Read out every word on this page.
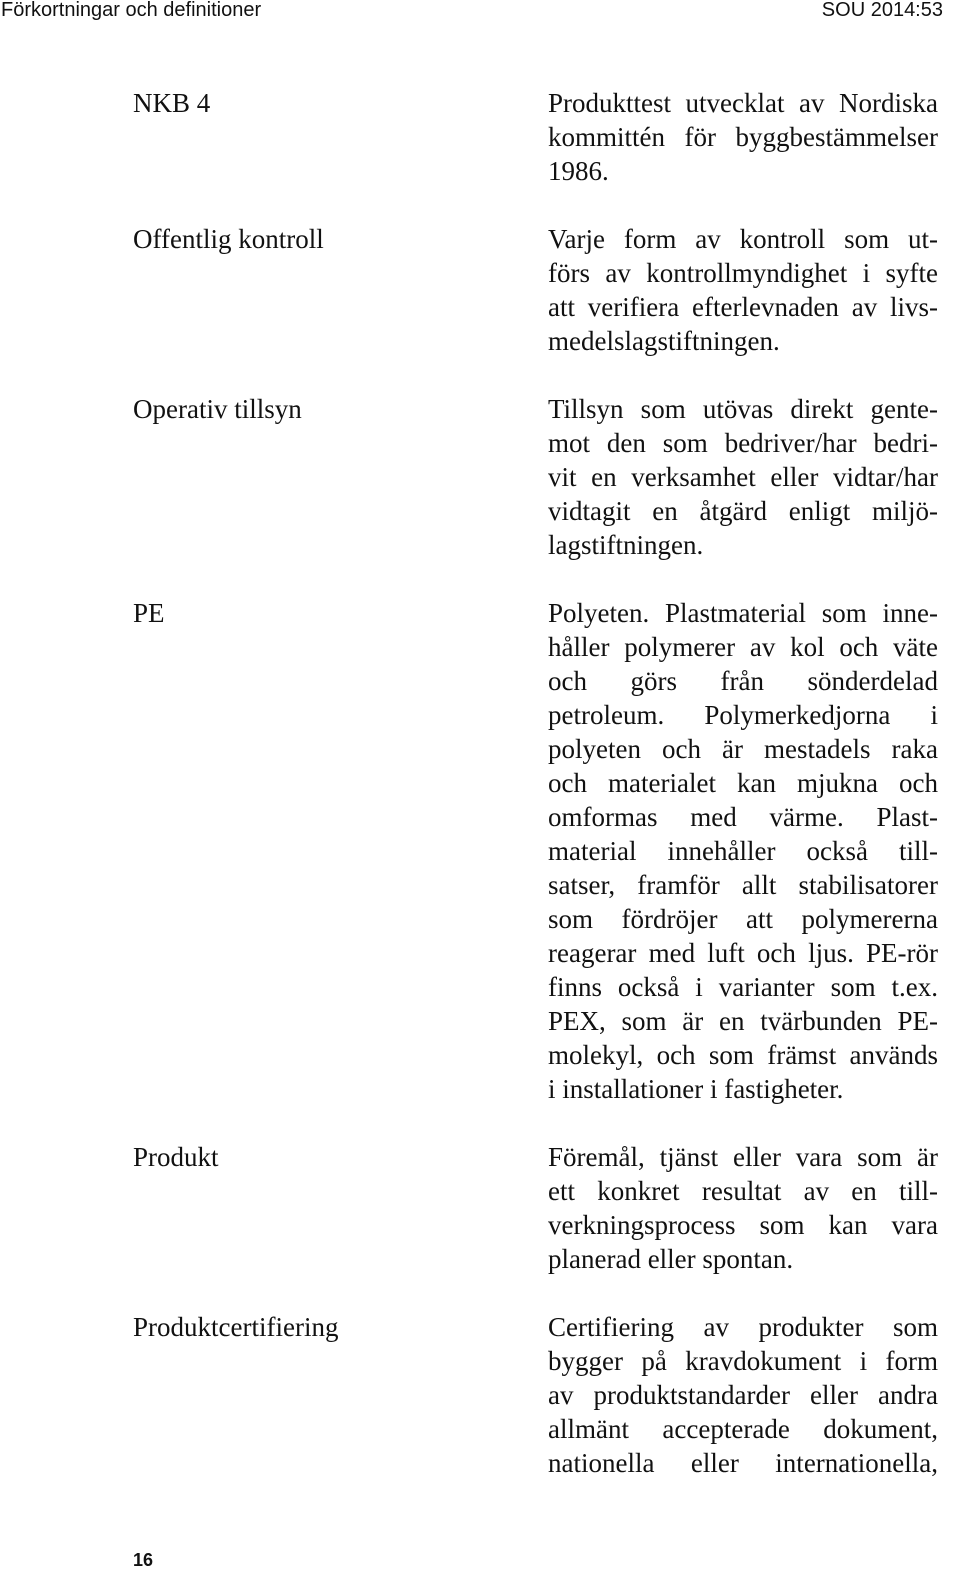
Förkortningar och definitioner	SOU 2014:53
NKB 4	Produkttest utvecklat av Nordiska
kommittén för byggbestämmelser
1986.
Offentlig kontroll	Varje form av kontroll som ut-
förs av kontrollmyndighet i syfte
att verifiera efterlevnaden av livs-
medelslagstiftningen.
Operativ tillsyn	Tillsyn som utövas direkt gente-
mot den som bedriver/har bedri-
vit en verksamhet eller vidtar/har
vidtagit en åtgärd enligt miljö-
lagstiftningen.
PE	Polyeten. Plastmaterial som inne-
håller polymerer av kol och väte
och görs från sönderdelad
petroleum. Polymerkedjorna i
polyeten och är mestadels raka
och materialet kan mjukna och
omformas med värme. Plast-
material innehåller också till-
satser, framför allt stabilisatorer
som fördröjer att polymererna
reagerar med luft och ljus. PE-rör
finns också i varianter som t.ex.
PEX, som är en tvärbunden PE-
molekyl, och som främst används
i installationer i fastigheter.
Produkt	Föremål, tjänst eller vara som är
ett konkret resultat av en till-
verkningsprocess som kan vara
planerad eller spontan.
Produktcertifiering	Certifiering av produkter som
bygger på kravdokument i form
av produktstandarder eller andra
allmänt accepterade dokument,
nationella eller internationella,
16
